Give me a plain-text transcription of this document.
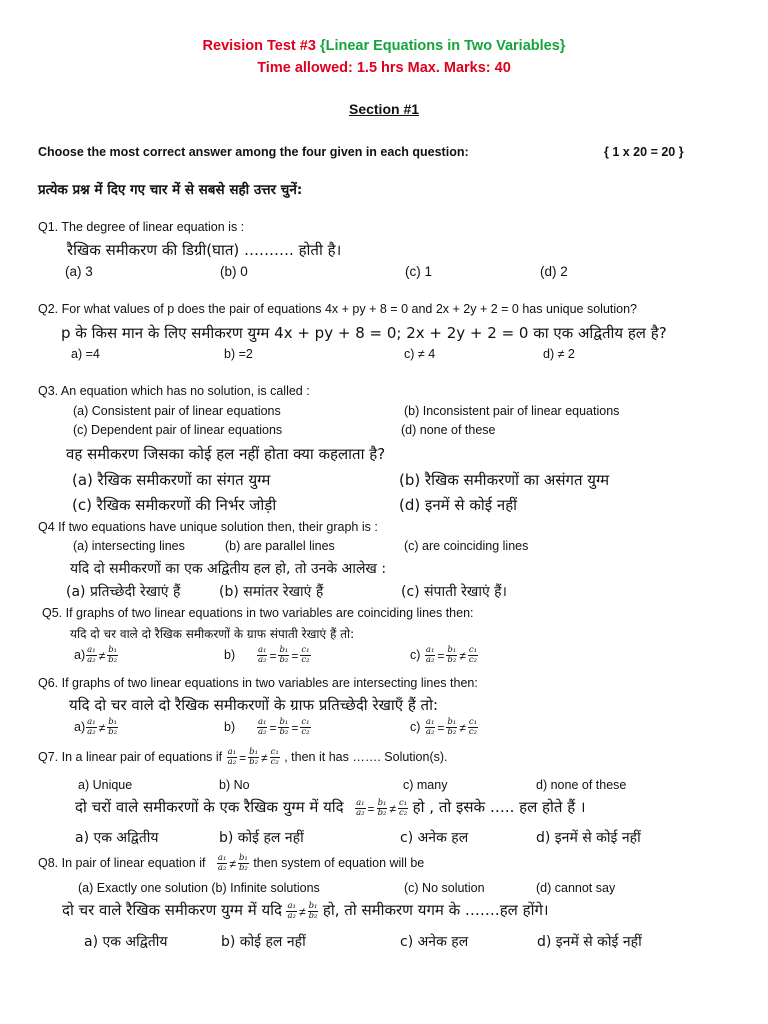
Revision Test #3 {Linear Equations in Two Variables}
Time allowed: 1.5 hrs Max. Marks: 40
Section #1
Choose the most correct answer among the four given in each question:	{ 1 x 20 = 20 }
प्रत्येक प्रश्न में दिए गए चार में से सबसे सही उत्तर चुनें:
Q1. The degree of linear equation is :
रैखिक समीकरण की डिग्री(घात) ………. होती है।
(a) 3	(b) 0	(c) 1	(d) 2
Q2. For what values of p does the pair of equations 4x + py + 8 = 0 and 2x + 2y + 2 = 0 has unique solution?
p के किस मान के लिए समीकरण युग्म 4x + py + 8 = 0; 2x + 2y + 2 = 0 का एक अद्वितीय हल है?
a) =4	b) =2	c) ≠ 4	d) ≠ 2
Q3. An equation which has no solution, is called :
(a) Consistent pair of linear equations	(b) Inconsistent pair of linear equations
(c) Dependent pair of linear equations	(d) none of these
वह समीकरण जिसका कोई हल नहीं होता क्या कहलाता है?
(a) रैखिक समीकरणों का संगत युग्म	(b) रैखिक समीकरणों का असंगत युग्म
(c) रैखिक समीकरणों की निर्भर जोड़ी	(d) इनमें से कोई नहीं
Q4 If two equations have unique solution then, their graph is :
(a) intersecting lines	(b) are parallel lines	(c) are coinciding lines
यदि दो समीकरणों का एक अद्वितीय हल हो, तो उनके आलेख :
(a) प्रतिच्छेदी रेखाएं हैं	(b) समांतर रेखाएं हैं	(c) संपाती रेखाएं हैं।
Q5. If graphs of two linear equations in two variables are coinciding lines then:
यदि दो चर वाले दो रैखिक समीकरणों के ग्राफ संपाती रेखाएं हैं तो:
$a) \frac{\text{a₁}}{\text{a₂}} \ne \frac{\text{b₁}}{\text{b₂}}$	b)	$\frac{\text{a₁}}{\text{a₂}} = \frac{\text{b₁}}{\text{b₂}} = \frac{\text{c₁}}{\text{c₂}}$	$c) \frac{\text{a₁}}{\text{a₂}} = \frac{\text{b₁}}{\text{b₂}} \ne \frac{\text{c₁}}{\text{c₂}}$
Q6. If graphs of two linear equations in two variables are intersecting lines then:
यदि दो चर वाले दो रैखिक समीकरणों के ग्राफ प्रतिच्छेदी रेखाएँ हैं तो:
$a) \frac{\text{a₁}}{\text{a₂}} \ne \frac{\text{b₁}}{\text{b₂}}$	b)	$\frac{\text{a₁}}{\text{a₂}} = \frac{\text{b₁}}{\text{b₂}} = \frac{\text{c₁}}{\text{c₂}}$	$c) \frac{\text{a₁}}{\text{a₂}} = \frac{\text{b₁}}{\text{b₂}} \ne \frac{\text{c₁}}{\text{c₂}}$
Q7. In a linear pair of equations if $\frac{\text{a₁}}{\text{a₂}} = \frac{\text{b₁}}{\text{b₂}} \ne \frac{\text{c₁}}{\text{c₂}}$ , then it has ……. Solution(s).
a) Unique	b) No	c) many	d) none of these
दो चरों वाले समीकरणों के एक रैखिक युग्म में यदि $\frac{\text{a₁}}{\text{a₂}} = \frac{\text{b₁}}{\text{b₂}} \ne \frac{\text{c₁}}{\text{c₂}}$ हो , तो इसके ….. हल होते हैं ।
a) एक अद्वितीय	b) कोई हल नहीं	c) अनेक हल	d) इनमें से कोई नहीं
Q8. In pair of linear equation if $\frac{\text{a₁}}{\text{a₂}} \ne \frac{\text{b₁}}{\text{b₂}}$ then system of equation will be
(a) Exactly one solution (b) Infinite solutions	(c) No solution	(d) cannot say
दो चर वाले रैखिक समीकरण युग्म में यदि $\frac{\text{a₁}}{\text{a₂}} \ne \frac{\text{b₁}}{\text{b₂}}$ हो, तो समीकरण यगम के …….हल होंगे।
a) एक अद्वितीय	b) कोई हल नहीं	c) अनेक हल	d) इनमें से कोई नहीं
